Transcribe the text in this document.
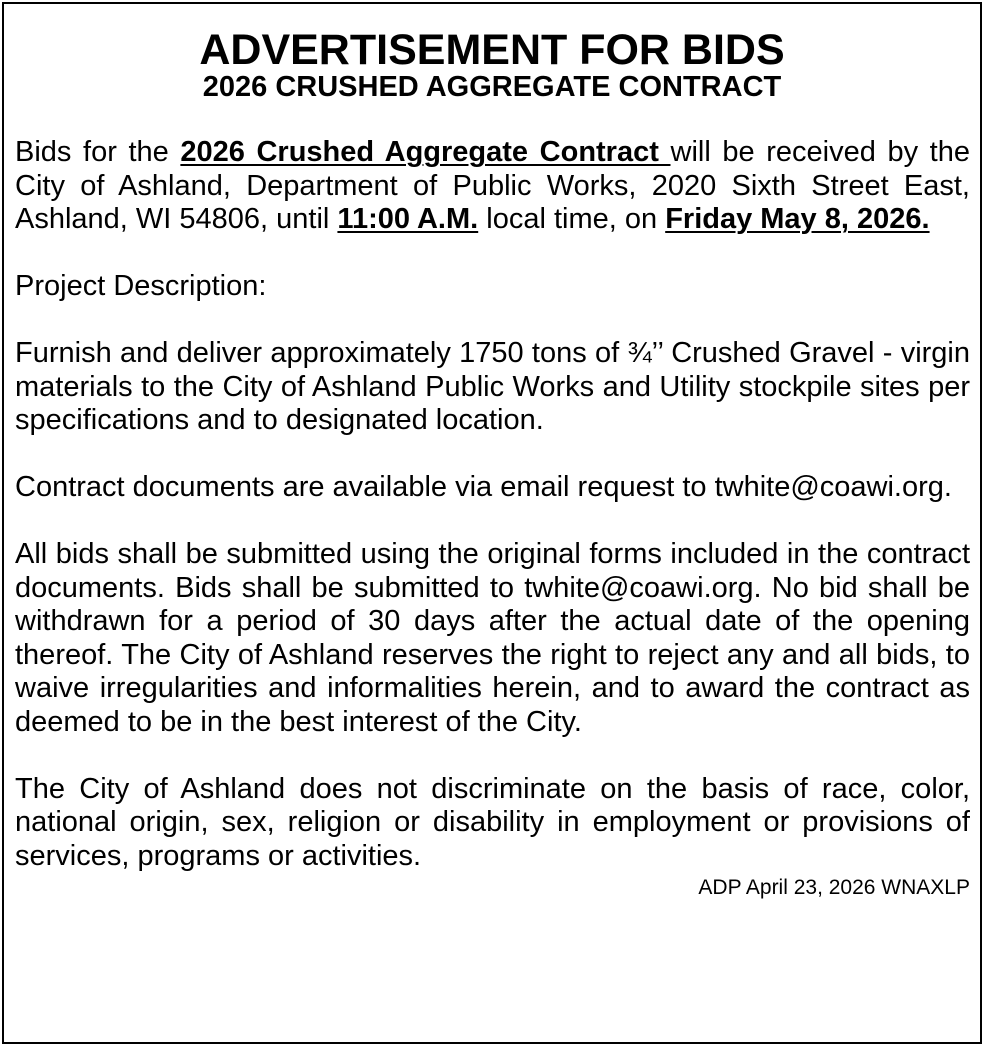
ADVERTISEMENT FOR BIDS
2026 CRUSHED AGGREGATE CONTRACT

Bids for the 2026 Crushed Aggregate Contract will be received by the City of Ashland, Department of Public Works, 2020 Sixth Street East, Ashland, WI 54806, until 11:00 A.M. local time, on Friday May 8, 2026.

Project Description:

Furnish and deliver approximately 1750 tons of ¾’’ Crushed Gravel - virgin materials to the City of Ashland Public Works and Utility stockpile sites per specifications and to designated location.

Contract documents are available via email request to twhite@coawi.org.

All bids shall be submitted using the original forms included in the contract documents. Bids shall be submitted to twhite@coawi.org. No bid shall be withdrawn for a period of 30 days after the actual date of the opening thereof. The City of Ashland reserves the right to reject any and all bids, to waive irregularities and informalities herein, and to award the contract as deemed to be in the best interest of the City.

The City of Ashland does not discriminate on the basis of race, color, national origin, sex, religion or disability in employment or provisions of services, programs or activities.

ADP April 23, 2026 WNAXLP
